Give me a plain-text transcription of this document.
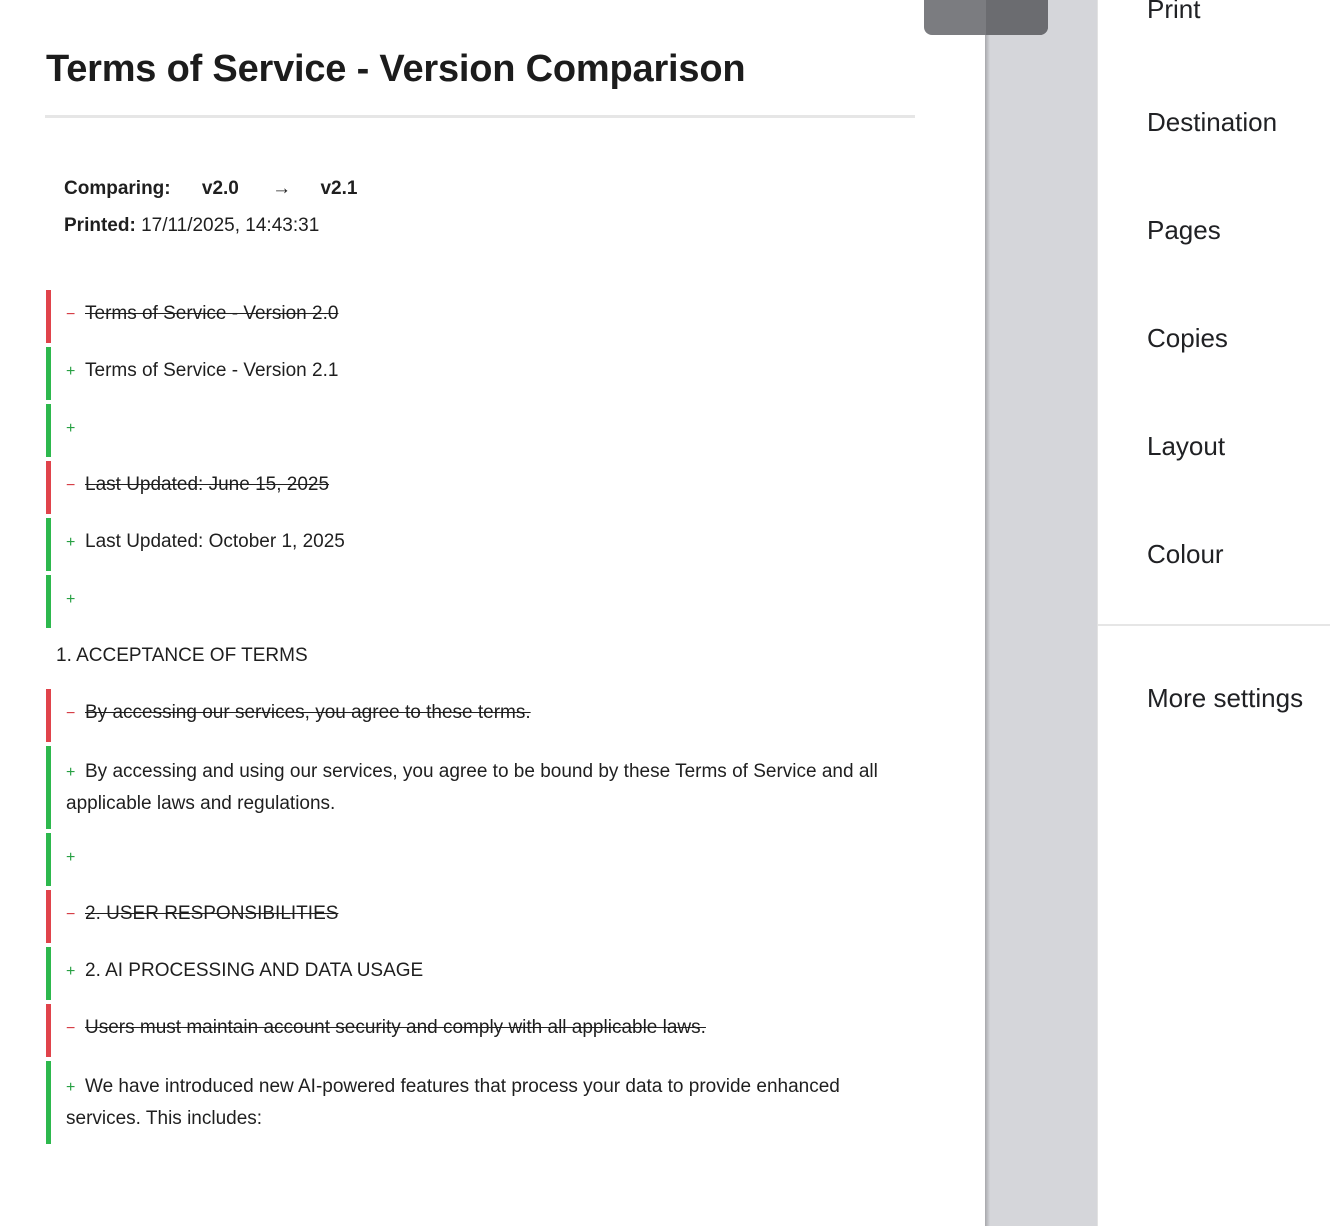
Terms of Service - Version Comparison
Comparing: v2.0 → v2.1
Printed: 17/11/2025, 14:43:31
− Terms of Service - Version 2.0
+ Terms of Service - Version 2.1
+
− Last Updated: June 15, 2025
+ Last Updated: October 1, 2025
+
1. ACCEPTANCE OF TERMS
− By accessing our services, you agree to these terms.
+ By accessing and using our services, you agree to be bound by these Terms of Service and all applicable laws and regulations.
+
− 2. USER RESPONSIBILITIES
+ 2. AI PROCESSING AND DATA USAGE
− Users must maintain account security and comply with all applicable laws.
+ We have introduced new AI-powered features that process your data to provide enhanced services. This includes:
Print
Destination
Pages
Copies
Layout
Colour
More settings
